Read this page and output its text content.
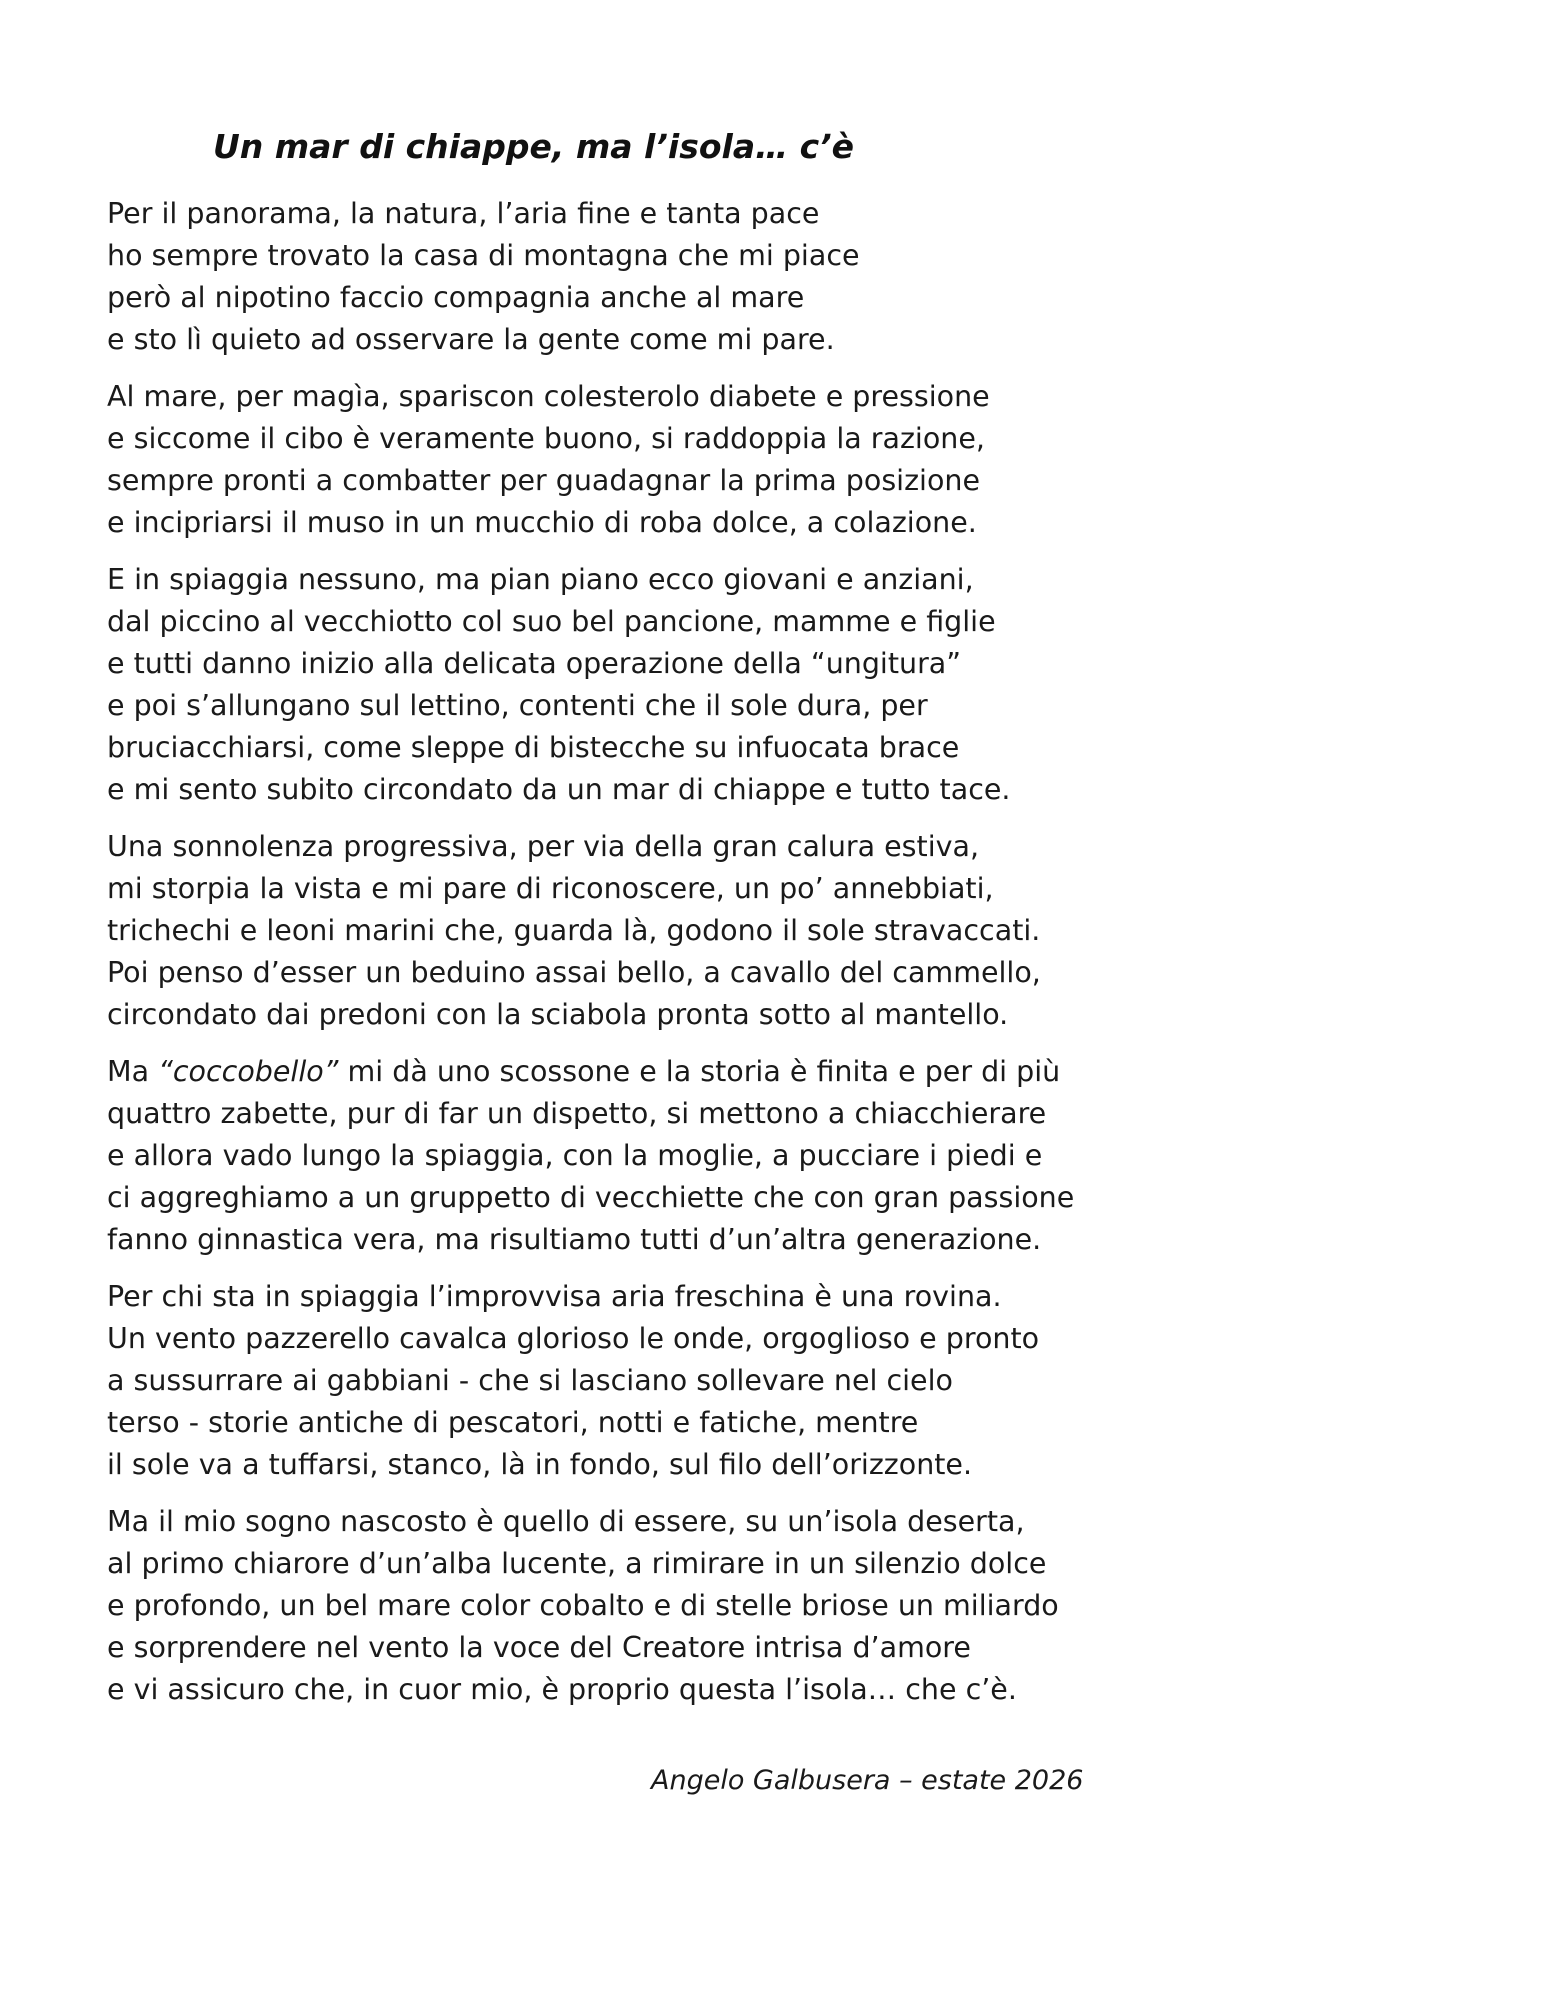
Un mar di chiappe, ma l’isola… c’è
Per il panorama, la natura, l’aria fine e tanta pace
ho sempre trovato la casa di montagna che mi piace
però al nipotino faccio compagnia anche al mare
e sto lì quieto ad osservare la gente come mi pare.
Al mare, per magìa, spariscon colesterolo diabete e pressione
e siccome il cibo è veramente buono, si raddoppia la razione,
sempre pronti a combatter per guadagnar la prima posizione
e incipriarsi il muso in un mucchio di roba dolce, a colazione.
E in spiaggia nessuno, ma pian piano ecco giovani e anziani,
dal piccino al vecchiotto col suo bel pancione, mamme e figlie
e tutti danno inizio alla delicata operazione della “ungitura”
e poi s’allungano sul lettino, contenti che il sole dura, per
bruciacchiarsi, come sleppe di bistecche su infuocata brace
e mi sento subito circondato da un mar di chiappe e tutto tace.
Una sonnolenza progressiva, per via della gran calura estiva,
mi storpia la vista e mi pare di riconoscere, un po’ annebbiati,
trichechi e leoni marini che, guarda là, godono il sole stravaccati.
Poi penso d’esser un beduino assai bello, a cavallo del cammello,
circondato dai predoni con la sciabola pronta sotto al mantello.
Ma “coccobello” mi dà uno scossone e la storia è finita e per di più
quattro zabette, pur di far un dispetto, si mettono a chiacchierare
e allora vado lungo la spiaggia, con la moglie, a pucciare i piedi e
ci aggreghiamo a un gruppetto di vecchiette che con gran passione
fanno ginnastica vera, ma risultiamo tutti d’un’altra generazione.
Per chi sta in spiaggia l’improvvisa aria freschina è una rovina.
Un vento pazzerello cavalca glorioso le onde, orgoglioso e pronto
a sussurrare ai gabbiani - che si lasciano sollevare nel cielo
terso - storie antiche di pescatori, notti e fatiche, mentre
il sole va a tuffarsi, stanco, là in fondo, sul filo dell’orizzonte.
Ma il mio sogno nascosto è quello di essere, su un’isola deserta,
al primo chiarore d’un’alba lucente, a rimirare in un silenzio dolce
e profondo, un bel mare color cobalto e di stelle briose un miliardo
e sorprendere nel vento la voce del Creatore intrisa d’amore
e vi assicuro che, in cuor mio, è proprio questa l’isola… che c’è.

Angelo Galbusera – estate 2026
